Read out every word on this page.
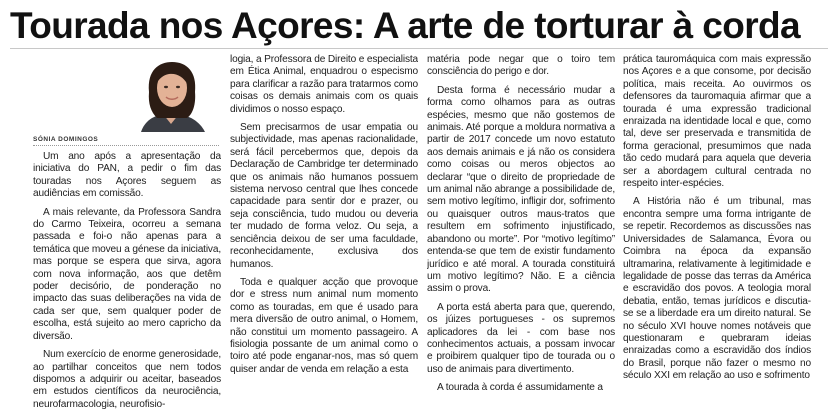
Tourada nos Açores: A arte de torturar à corda
SÓNIA DOMINGOS

Um ano após a apresentação da iniciativa do PAN, a pedir o fim das touradas nos Açores seguem as audiências em comissão.

A mais relevante, da Professora Sandra do Carmo Teixeira, ocorreu a semana passada e foi-o não apenas para a temática que moveu a génese da iniciativa, mas porque se espera que sirva, agora com nova informação, aos que detêm poder decisório, de ponderação no impacto das suas deliberações na vida de cada ser que, sem qualquer poder de escolha, está sujeito ao mero capricho da diversão.

Num exercício de enorme generosidade, ao partilhar conceitos que nem todos dispomos a adquirir ou aceitar, baseados em estudos científicos da neurociência, neurofarmacologia, neurofisio-

logia, a Professora de Direito e especialista em Ética Animal, enquadrou o especismo para clarificar a razão para tratarmos como coisas os demais animais com os quais dividimos o nosso espaço.

Sem precisarmos de usar empatia ou subjectividade, mas apenas racionalidade, será fácil percebermos que, depois da Declaração de Cambridge ter determinado que os animais não humanos possuem sistema nervoso central que lhes concede capacidade para sentir dor e prazer, ou seja consciência, tudo mudou ou deveria ter mudado de forma veloz. Ou seja, a senciência deixou de ser uma faculdade, reconhecidamente, exclusiva dos humanos.

Toda e qualquer acção que provoque dor e stress num animal num momento como as touradas, em que é usado para mera diversão de outro animal, o Homem, não constitui um momento passageiro. A fisiologia possante de um animal como o toiro até pode enganar-nos, mas só quem quiser andar de venda em relação a esta

matéria pode negar que o toiro tem consciência do perigo e dor.

Desta forma é necessário mudar a forma como olhamos para as outras espécies, mesmo que não gostemos de animais. Até porque a moldura normativa a partir de 2017 concede um novo estatuto aos demais animais e já não os considera como coisas ou meros objectos ao declarar “que o direito de propriedade de um animal não abrange a possibilidade de, sem motivo legítimo, infligir dor, sofrimento ou quaisquer outros maus-tratos que resultem em sofrimento injustificado, abandono ou morte”. Por “motivo legítimo” entenda-se que tem de existir fundamento jurídico e até moral. A tourada constituirá um motivo legítimo? Não. E a ciência assim o prova.

A porta está aberta para que, querendo, os júizes portugueses - os supremos aplicadores da lei - com base nos conhecimentos actuais, a possam invocar e proibirem qualquer tipo de tourada ou o uso de animais para divertimento.

A tourada à corda é assumidamente a

prática tauromáquica com mais expressão nos Açores e a que consome, por decisão política, mais receita. Ao ouvirmos os defensores da tauromaquia afirmar que a tourada é uma expressão tradicional enraizada na identidade local e que, como tal, deve ser preservada e transmitida de forma geracional, presumimos que nada tão cedo mudará para aquela que deveria ser a abordagem cultural centrada no respeito inter-espécies.

A História não é um tribunal, mas encontra sempre uma forma intrigante de se repetir. Recordemos as discussões nas Universidades de Salamanca, Évora ou Coimbra na época da expansão ultramarina, relativamente à legitimidade e legalidade de posse das terras da América e escravidão dos povos. A teologia moral debatia, então, temas jurídicos e discutia-se se a liberdade era um direito natural. Se no século XVI houve nomes notáveis que questionaram e quebraram ideias enraizadas como a escravidão dos índios do Brasil, porque não fazer o mesmo no século XXI em relação ao uso e sofrimento
